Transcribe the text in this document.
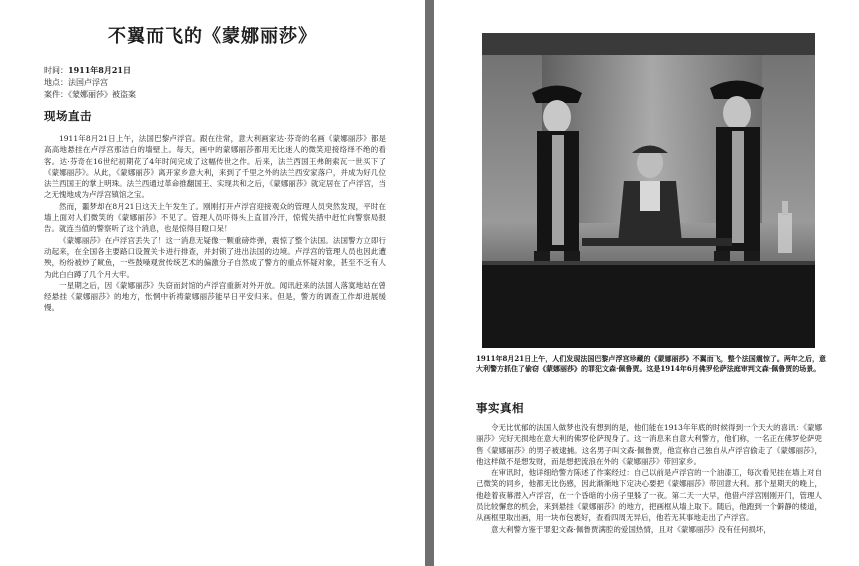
不翼而飞的《蒙娜丽莎》
时间：1911年8月21日
地点：法国卢浮宫
案件：《蒙娜丽莎》被盗案
现场直击

1911年8月21日上午，法国巴黎卢浮宫。跟在往常，意大利画家达·芬奇的名画《蒙娜丽莎》都是高高地悬挂在卢浮宫那洁白的墙壁上。每天，画中的蒙娜丽莎都用无比迷人的微笑迎接络绎不绝的看客。达·芬奇在16世纪初期花了4年时间完成了这幅传世之作。后来，法兰西国王弗朗索瓦一世买下了《蒙娜丽莎》。从此，《蒙娜丽莎》离开家乡意大利，来到了千里之外的法兰西安家落户，并成为好几位法兰西国王的掌上明珠。法兰西通过革命推翻国王、实现共和之后，《蒙娜丽莎》就定居在了卢浮宫，当之无愧地成为卢浮宫镇馆之宝。

然而，噩梦却在8月21日这天上午发生了。刚刚打开卢浮宫迎接观众的管理人员突然发现，平时在墙上面对人们微笑的《蒙娜丽莎》不见了。管理人员吓得头上直冒冷汗，惊慌失措中赶忙向警察局报告。就连当值的警察听了这个消息，也是惊得目瞪口呆！

《蒙娜丽莎》在卢浮宫丢失了！这一消息无疑像一颗重磅炸弹，震惊了整个法国。法国警方立即行动起来，在全国各主要路口设置关卡进行排查，并封锁了进出法国的边境。卢浮宫的管理人员也因此遭殃，纷纷被炒了鱿鱼，一些鼓噪观赏传统艺术的偏激分子自然成了警方的重点怀疑对象，甚至不乏有人为此白白蹲了几个月大牢。

一星期之后，因《蒙娜丽莎》失窃而封馆的卢浮宫重新对外开放。闻讯赶来的法国人落寞地站在曾经悬挂《蒙娜丽莎》的地方，怅惘中祈祷蒙娜丽莎能早日平安归来。但是，警方的调查工作却进展缓慢。

1911年8月21日上午，人们发现法国巴黎卢浮宫珍藏的《蒙娜丽莎》不翼而飞，整个法国震惊了。两年之后，意大利警方抓住了偷窃《蒙娜丽莎》的罪犯文森·佩鲁贾。这是1914年6月佛罗伦萨法庭审判文森·佩鲁贾的场景。
事实真相

令无比忧郁的法国人做梦也没有想到的是，他们能在1913年年底的时候得到一个天大的喜讯：《蒙娜丽莎》完好无损地在意大利的佛罗伦萨现身了。这一消息来自意大利警方，他们称，一名正在佛罗伦萨兜售《蒙娜丽莎》的男子被逮捕。这名男子叫文森·佩鲁贾，他宣称自己独自从卢浮宫偷走了《蒙娜丽莎》，他这样做不是想发财，而是想把流浪在外的《蒙娜丽莎》带回家乡。

在审讯时，他详细给警方陈述了作案经过：自己以前是卢浮宫的一个油漆工，每次看见挂在墙上对自己微笑的同乡，他都无比伤感，因此渐渐地下定决心要把《蒙娜丽莎》带回意大利。那个星期天的晚上，他趁着夜幕潜入卢浮宫，在一个昏暗的小房子里躲了一夜。第二天一大早，他借卢浮宫刚刚开门，管理人员比较懈怠的机会，来到悬挂《蒙娜丽莎》的地方，把画框从墙上取下。随后，他跑到一个僻静的楼道，从画框里取出画，用一块布包裹好，查看四周无异后，他若无其事地走出了卢浮宫。

意大利警方鉴于罪犯文森·佩鲁贾满腔的爱国热情，且对《蒙娜丽莎》没有任何损坏，
